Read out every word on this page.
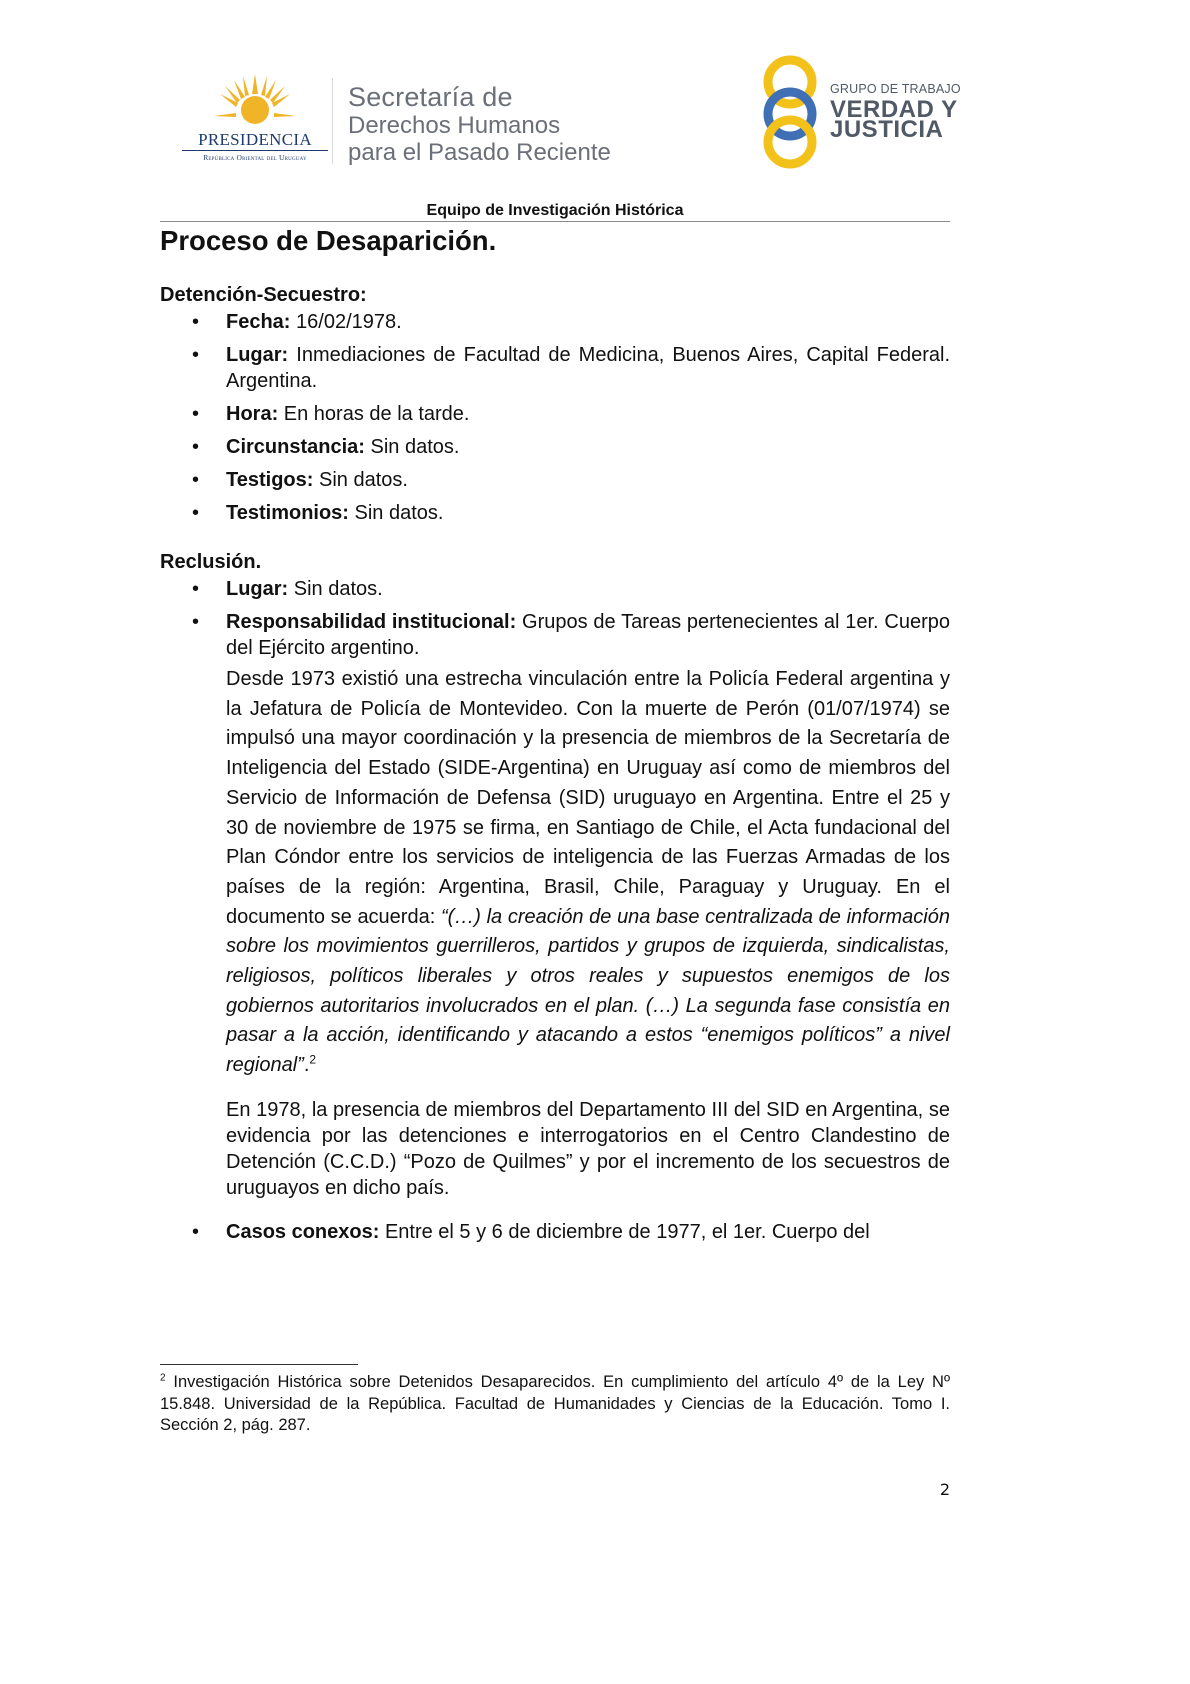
PRESIDENCIA
República Oriental del Uruguay
Secretaría de
Derechos Humanos
para el Pasado Reciente
GRUPO DE TRABAJO
VERDAD Y
JUSTICIA
Equipo de Investigación Histórica
Proceso de Desaparición.
Detención-Secuestro:
• Fecha: 16/02/1978.
• Lugar: Inmediaciones de Facultad de Medicina, Buenos Aires, Capital Federal. Argentina.
• Hora: En horas de la tarde.
• Circunstancia: Sin datos.
• Testigos: Sin datos.
• Testimonios: Sin datos.
Reclusión.
• Lugar: Sin datos.
• Responsabilidad institucional: Grupos de Tareas pertenecientes al 1er. Cuerpo del Ejército argentino.
Desde 1973 existió una estrecha vinculación entre la Policía Federal argentina y la Jefatura de Policía de Montevideo. Con la muerte de Perón (01/07/1974) se impulsó una mayor coordinación y la presencia de miembros de la Secretaría de Inteligencia del Estado (SIDE-Argentina) en Uruguay así como de miembros del Servicio de Información de Defensa (SID) uruguayo en Argentina. Entre el 25 y 30 de noviembre de 1975 se firma, en Santiago de Chile, el Acta fundacional del Plan Cóndor entre los servicios de inteligencia de las Fuerzas Armadas de los países de la región: Argentina, Brasil, Chile, Paraguay y Uruguay. En el documento se acuerda: “(…) la creación de una base centralizada de información sobre los movimientos guerrilleros, partidos y grupos de izquierda, sindicalistas, religiosos, políticos liberales y otros reales y supuestos enemigos de los gobiernos autoritarios involucrados en el plan. (…) La segunda fase consistía en pasar a la acción, identificando y atacando a estos “enemigos políticos” a nivel regional”.$^2$
En 1978, la presencia de miembros del Departamento III del SID en Argentina, se evidencia por las detenciones e interrogatorios en el Centro Clandestino de Detención (C.C.D.) “Pozo de Quilmes” y por el incremento de los secuestros de uruguayos en dicho país.
• Casos conexos: Entre el 5 y 6 de diciembre de 1977, el 1er. Cuerpo del
$^2$ Investigación Histórica sobre Detenidos Desaparecidos. En cumplimiento del artículo 4º de la Ley Nº 15.848. Universidad de la República. Facultad de Humanidades y Ciencias de la Educación. Tomo I. Sección 2, pág. 287.
2
